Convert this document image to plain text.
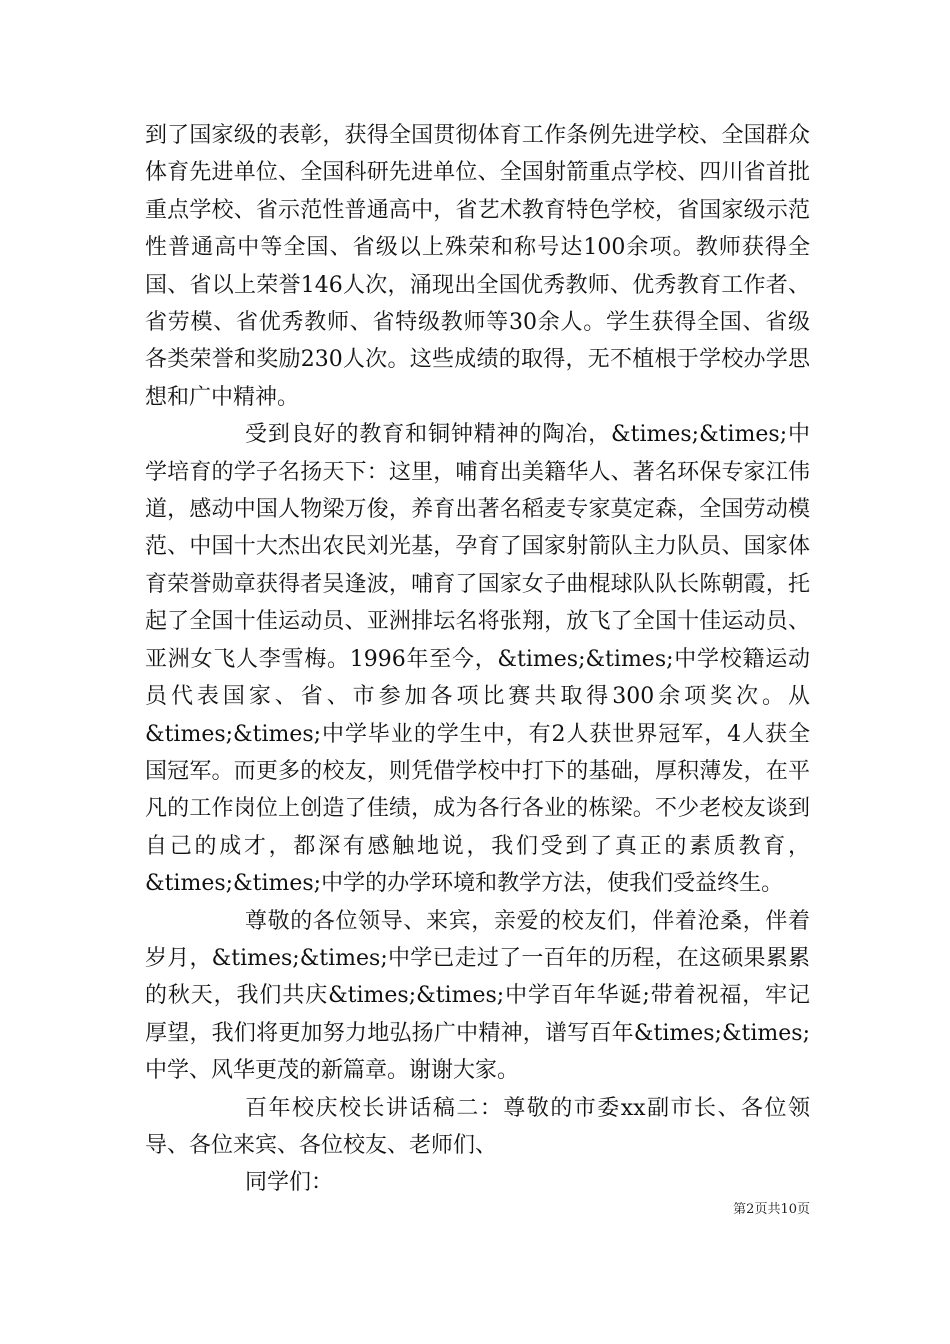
到了国家级的表彰，获得全国贯彻体育工作条例先进学校、全国群众体育先进单位、全国科研先进单位、全国射箭重点学校、四川省首批重点学校、省示范性普通高中，省艺术教育特色学校，省国家级示范性普通高中等全国、省级以上殊荣和称号达100余项。教师获得全国、省以上荣誉146人次，涌现出全国优秀教师、优秀教育工作者、省劳模、省优秀教师、省特级教师等30余人。学生获得全国、省级各类荣誉和奖励230人次。这些成绩的取得，无不植根于学校办学思想和广中精神。

受到良好的教育和铜钟精神的陶冶，&times;&times;中学培育的学子名扬天下：这里，哺育出美籍华人、著名环保专家江伟道，感动中国人物梁万俊，养育出著名稻麦专家莫定森，全国劳动模范、中国十大杰出农民刘光基，孕育了国家射箭队主力队员、国家体育荣誉勋章获得者吴逢波，哺育了国家女子曲棍球队队长陈朝霞，托起了全国十佳运动员、亚洲排坛名将张翔，放飞了全国十佳运动员、亚洲女飞人李雪梅。1996年至今，&times;&times;中学校籍运动员代表国家、省、市参加各项比赛共取得300余项奖次。从&times;&times;中学毕业的学生中，有2人获世界冠军，4人获全国冠军。而更多的校友，则凭借学校中打下的基础，厚积薄发，在平凡的工作岗位上创造了佳绩，成为各行各业的栋梁。不少老校友谈到自己的成才，都深有感触地说，我们受到了真正的素质教育，&times;&times;中学的办学环境和教学方法，使我们受益终生。

尊敬的各位领导、来宾，亲爱的校友们，伴着沧桑，伴着岁月，&times;&times;中学已走过了一百年的历程，在这硕果累累的秋天，我们共庆&times;&times;中学百年华诞;带着祝福，牢记厚望，我们将更加努力地弘扬广中精神，谱写百年&times;&times;中学、风华更茂的新篇章。谢谢大家。

百年校庆校长讲话稿二：尊敬的市委xx副市长、各位领导、各位来宾、各位校友、老师们、

同学们：

第2页共10页
